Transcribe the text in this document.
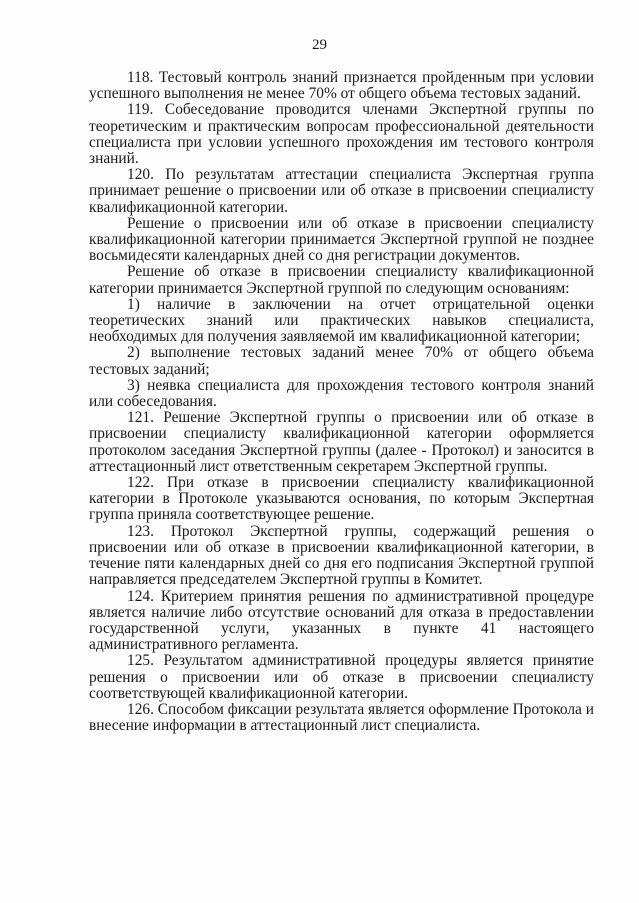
29

118. Тестовый контроль знаний признается пройденным при условии успешного выполнения не менее 70% от общего объема тестовых заданий.

119. Собеседование проводится членами Экспертной группы по теоретическим и практическим вопросам профессиональной деятельности специалиста при условии успешного прохождения им тестового контроля знаний.

120. По результатам аттестации специалиста Экспертная группа принимает решение о присвоении или об отказе в присвоении специалисту квалификационной категории.

Решение о присвоении или об отказе в присвоении специалисту квалификационной категории принимается Экспертной группой не позднее восьмидесяти календарных дней со дня регистрации документов.

Решение об отказе в присвоении специалисту квалификационной категории принимается Экспертной группой по следующим основаниям:

1) наличие в заключении на отчет отрицательной оценки теоретических знаний или практических навыков специалиста, необходимых для получения заявляемой им квалификационной категории;

2) выполнение тестовых заданий менее 70% от общего объема тестовых заданий;

3) неявка специалиста для прохождения тестового контроля знаний или собеседования.

121. Решение Экспертной группы о присвоении или об отказе в присвоении специалисту квалификационной категории оформляется протоколом заседания Экспертной группы (далее - Протокол) и заносится в аттестационный лист ответственным секретарем Экспертной группы.

122. При отказе в присвоении специалисту квалификационной категории в Протоколе указываются основания, по которым Экспертная группа приняла соответствующее решение.

123. Протокол Экспертной группы, содержащий решения о присвоении или об отказе в присвоении квалификационной категории, в течение пяти календарных дней со дня его подписания Экспертной группой направляется председателем Экспертной группы в Комитет.

124. Критерием принятия решения по административной процедуре является наличие либо отсутствие оснований для отказа в предоставлении государственной услуги, указанных в пункте 41 настоящего административного регламента.

125. Результатом административной процедуры является принятие решения о присвоении или об отказе в присвоении специалисту соответствующей квалификационной категории.

126. Способом фиксации результата является оформление Протокола и внесение информации в аттестационный лист специалиста.
